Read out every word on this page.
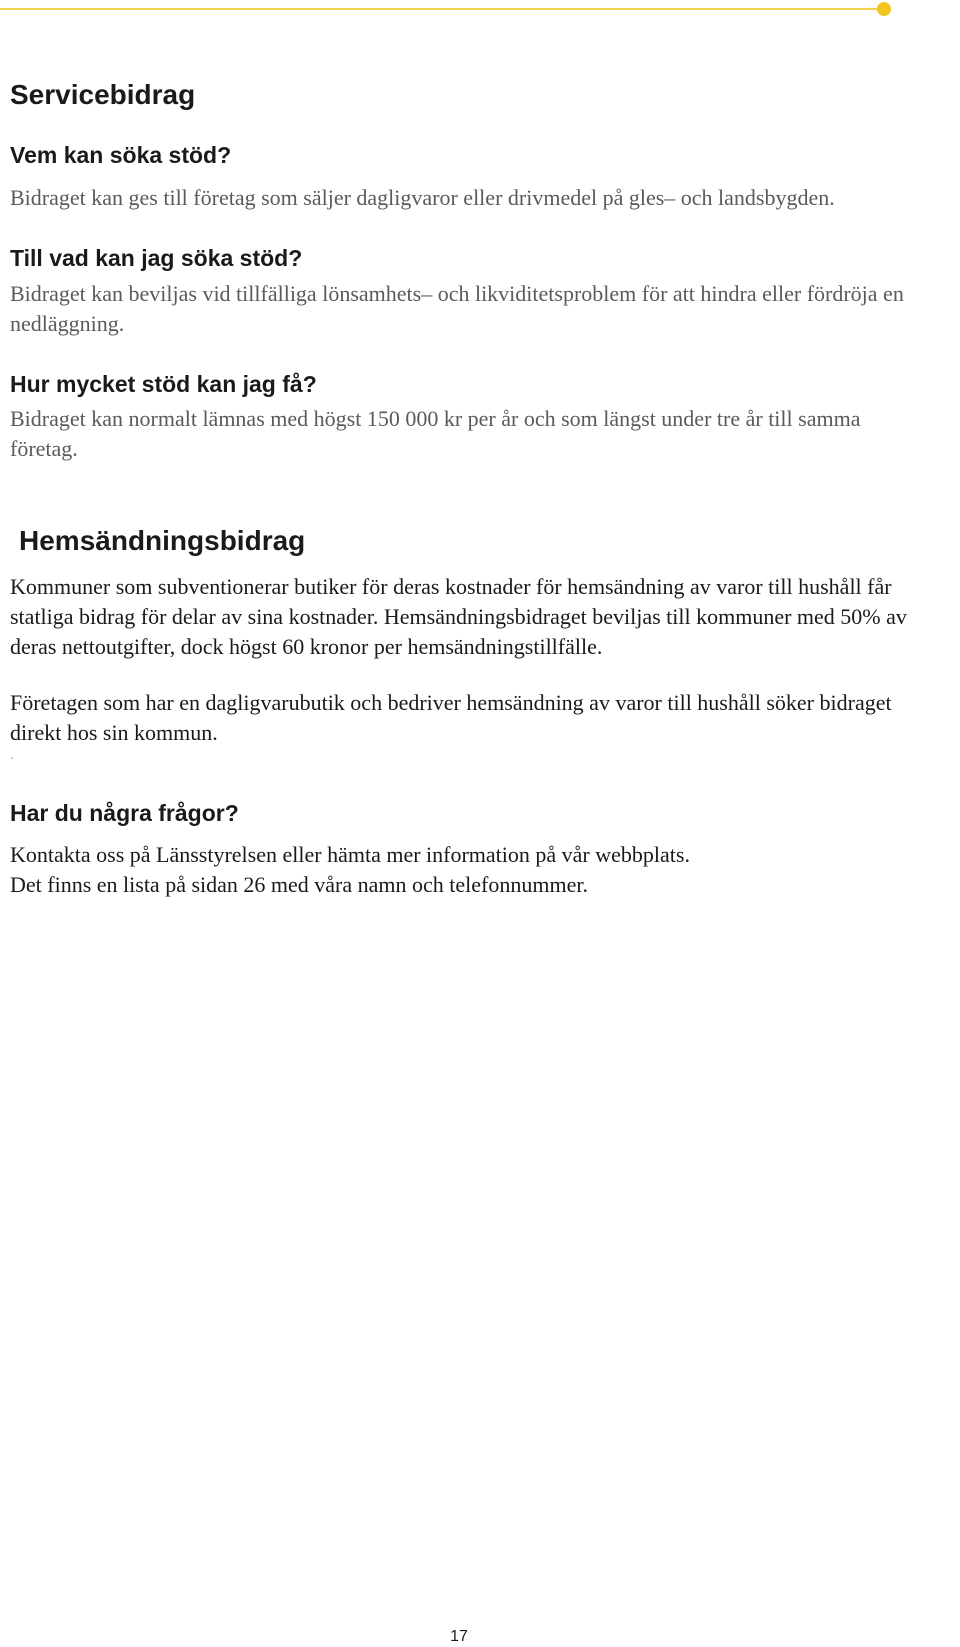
Servicebidrag
Vem kan söka stöd?

Bidraget kan ges till företag som säljer dagligvaror eller drivmedel på gles– och landsbygden.

Till vad kan jag söka stöd?

Bidraget kan beviljas vid tillfälliga lönsamhets– och likviditetsproblem för att hindra eller fördröja en nedläggning.

Hur mycket stöd kan jag få?

Bidraget kan normalt lämnas med högst 150 000 kr per år och som längst under tre år till samma företag.

Hemsändningsbidrag

Kommuner som subventionerar butiker för deras kostnader för hemsändning av varor till hushåll får statliga bidrag för delar av sina kostnader. Hemsändningsbidraget beviljas till kommuner med 50% av deras nettoutgifter, dock högst 60 kronor per hemsändningstillfälle.

Företagen som har en dagligvarubutik och bedriver hemsändning av varor till hushåll söker bidraget direkt hos sin kommun.

.

Har du några frågor?

Kontakta oss på Länsstyrelsen eller hämta mer information på vår webbplats.

Det finns en lista på sidan 26 med våra namn och telefonnummer.

17
